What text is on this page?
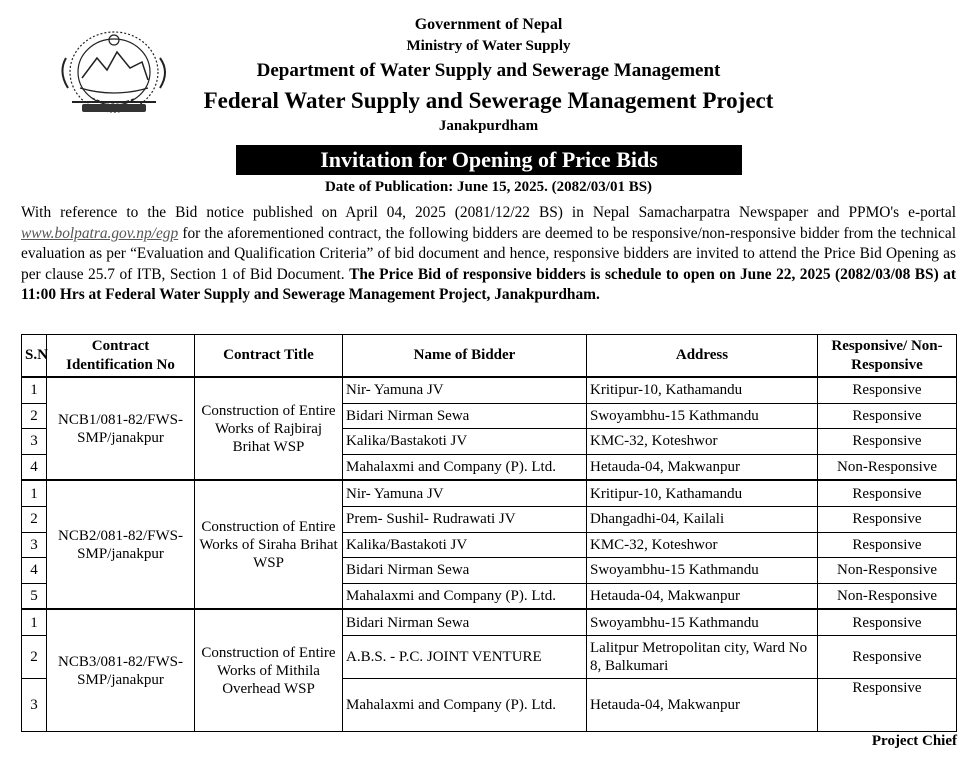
Government of Nepal
Ministry of Water Supply
Department of Water Supply and Sewerage Management
Federal Water Supply and Sewerage Management Project
Janakpurdham
Invitation for Opening of Price Bids
Date of Publication: June 15, 2025. (2082/03/01 BS)
With reference to the Bid notice published on April 04, 2025 (2081/12/22 BS) in Nepal Samacharpatra Newspaper and PPMO's e-portal www.bolpatra.gov.np/egp for the aforementioned contract, the following bidders are deemed to be responsive/non-responsive bidder from the technical evaluation as per “Evaluation and Qualification Criteria” of bid document and hence, responsive bidders are invited to attend the Price Bid Opening as per clause 25.7 of ITB, Section 1 of Bid Document. The Price Bid of responsive bidders is schedule to open on June 22, 2025 (2082/03/08 BS) at 11:00 Hrs at Federal Water Supply and Sewerage Management Project, Janakpurdham.
S.N	Contract Identification No	Contract Title	Name of Bidder	Address	Responsive/ Non-Responsive
1	NCB1/081-82/FWS-SMP/janakpur	Construction of Entire Works of Rajbiraj Brihat WSP	Nir- Yamuna JV	Kritipur-10, Kathamandu	Responsive
2			Bidari Nirman Sewa	Swoyambhu-15 Kathmandu	Responsive
3			Kalika/Bastakoti JV	KMC-32, Koteshwor	Responsive
4			Mahalaxmi and Company (P). Ltd.	Hetauda-04, Makwanpur	Non-Responsive
1	NCB2/081-82/FWS-SMP/janakpur	Construction of Entire Works of Siraha Brihat WSP	Nir- Yamuna JV	Kritipur-10, Kathamandu	Responsive
2			Prem- Sushil- Rudrawati JV	Dhangadhi-04, Kailali	Responsive
3			Kalika/Bastakoti JV	KMC-32, Koteshwor	Responsive
4			Bidari Nirman Sewa	Swoyambhu-15 Kathmandu	Non-Responsive
5			Mahalaxmi and Company (P). Ltd.	Hetauda-04, Makwanpur	Non-Responsive
1	NCB3/081-82/FWS-SMP/janakpur	Construction of Entire Works of Mithila Overhead WSP	Bidari Nirman Sewa	Swoyambhu-15 Kathmandu	Responsive
2			A.B.S. - P.C. JOINT VENTURE	Lalitpur Metropolitan city, Ward No 8, Balkumari	Responsive
3			Mahalaxmi and Company (P). Ltd.	Hetauda-04, Makwanpur	Responsive
Project Chief
